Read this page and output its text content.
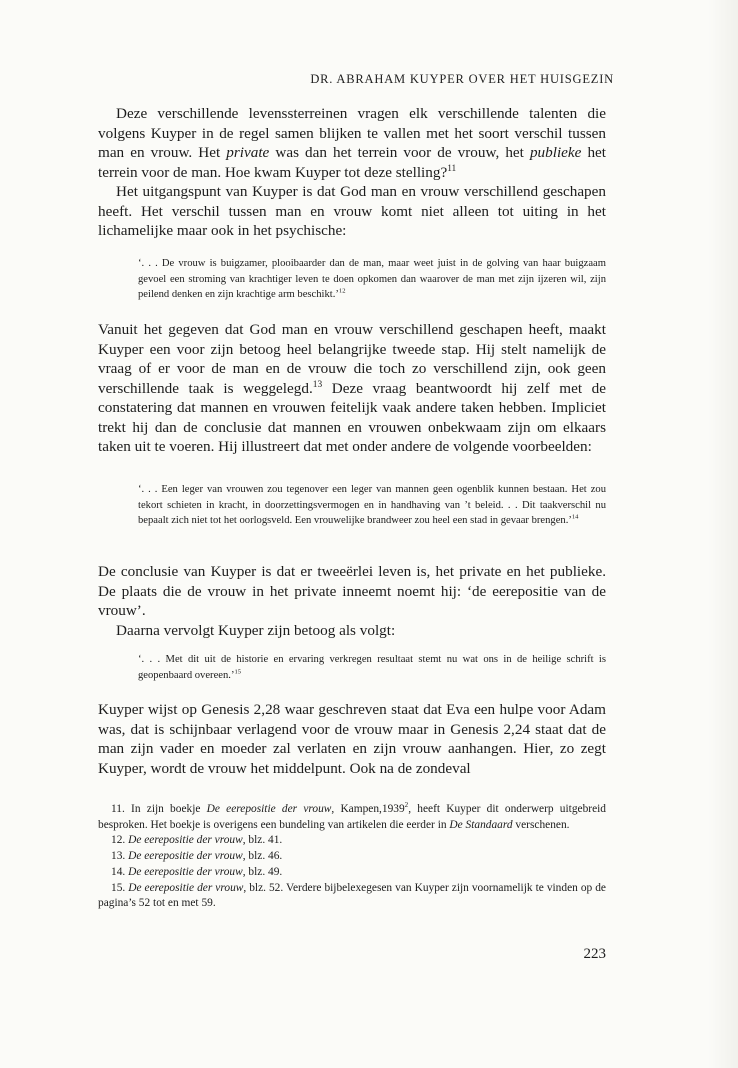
DR. ABRAHAM KUYPER OVER HET HUISGEZIN

Deze verschillende levenssterreinen vragen elk verschillende talenten die volgens Kuyper in de regel samen blijken te vallen met het soort verschil tussen man en vrouw. Het private was dan het terrein voor de vrouw, het publieke het terrein voor de man. Hoe kwam Kuyper tot deze stelling?$^{11}$

Het uitgangspunt van Kuyper is dat God man en vrouw verschillend geschapen heeft. Het verschil tussen man en vrouw komt niet alleen tot uiting in het lichamelijke maar ook in het psychische:

‘. . . De vrouw is buigzamer, plooibaarder dan de man, maar weet juist in de golving van haar buigzaam gevoel een stroming van krachtiger leven te doen opkomen dan waarover de man met zijn ijzeren wil, zijn peilend denken en zijn krachtige arm beschikt.’$^{12}$

Vanuit het gegeven dat God man en vrouw verschillend geschapen heeft, maakt Kuyper een voor zijn betoog heel belangrijke tweede stap. Hij stelt namelijk de vraag of er voor de man en de vrouw die toch zo verschillend zijn, ook geen verschillende taak is weggelegd.$^{13}$ Deze vraag beantwoordt hij zelf met de constatering dat mannen en vrouwen feitelijk vaak andere taken hebben. Impliciet trekt hij dan de conclusie dat mannen en vrouwen onbekwaam zijn om elkaars taken uit te voeren. Hij illustreert dat met onder andere de volgende voorbeelden:

‘. . . Een leger van vrouwen zou tegenover een leger van mannen geen ogenblik kunnen bestaan. Het zou tekort schieten in kracht, in doorzettingsvermogen en in handhaving van ’t beleid. . . Dit taakverschil nu bepaalt zich niet tot het oorlogsveld. Een vrouwelijke brandweer zou heel een stad in gevaar brengen.’$^{14}$

De conclusie van Kuyper is dat er tweeërlei leven is, het private en het publieke. De plaats die de vrouw in het private inneemt noemt hij: ‘de eerepositie van de vrouw’.

Daarna vervolgt Kuyper zijn betoog als volgt:

‘. . . Met dit uit de historie en ervaring verkregen resultaat stemt nu wat ons in de heilige schrift is geopenbaard overeen.’$^{15}$

Kuyper wijst op Genesis 2,28 waar geschreven staat dat Eva een hulpe voor Adam was, dat is schijnbaar verlagend voor de vrouw maar in Genesis 2,24 staat dat de man zijn vader en moeder zal verlaten en zijn vrouw aanhangen. Hier, zo zegt Kuyper, wordt de vrouw het middelpunt. Ook na de zondeval

11. In zijn boekje De eerepositie der vrouw, Kampen,1939$^2$, heeft Kuyper dit onderwerp uitgebreid besproken. Het boekje is overigens een bundeling van artikelen die eerder in De Standaard verschenen.

12. De eerepositie der vrouw, blz. 41.

13. De eerepositie der vrouw, blz. 46.

14. De eerepositie der vrouw, blz. 49.

15. De eerepositie der vrouw, blz. 52. Verdere bijbelexegesen van Kuyper zijn voornamelijk te vinden op de pagina’s 52 tot en met 59.

223
